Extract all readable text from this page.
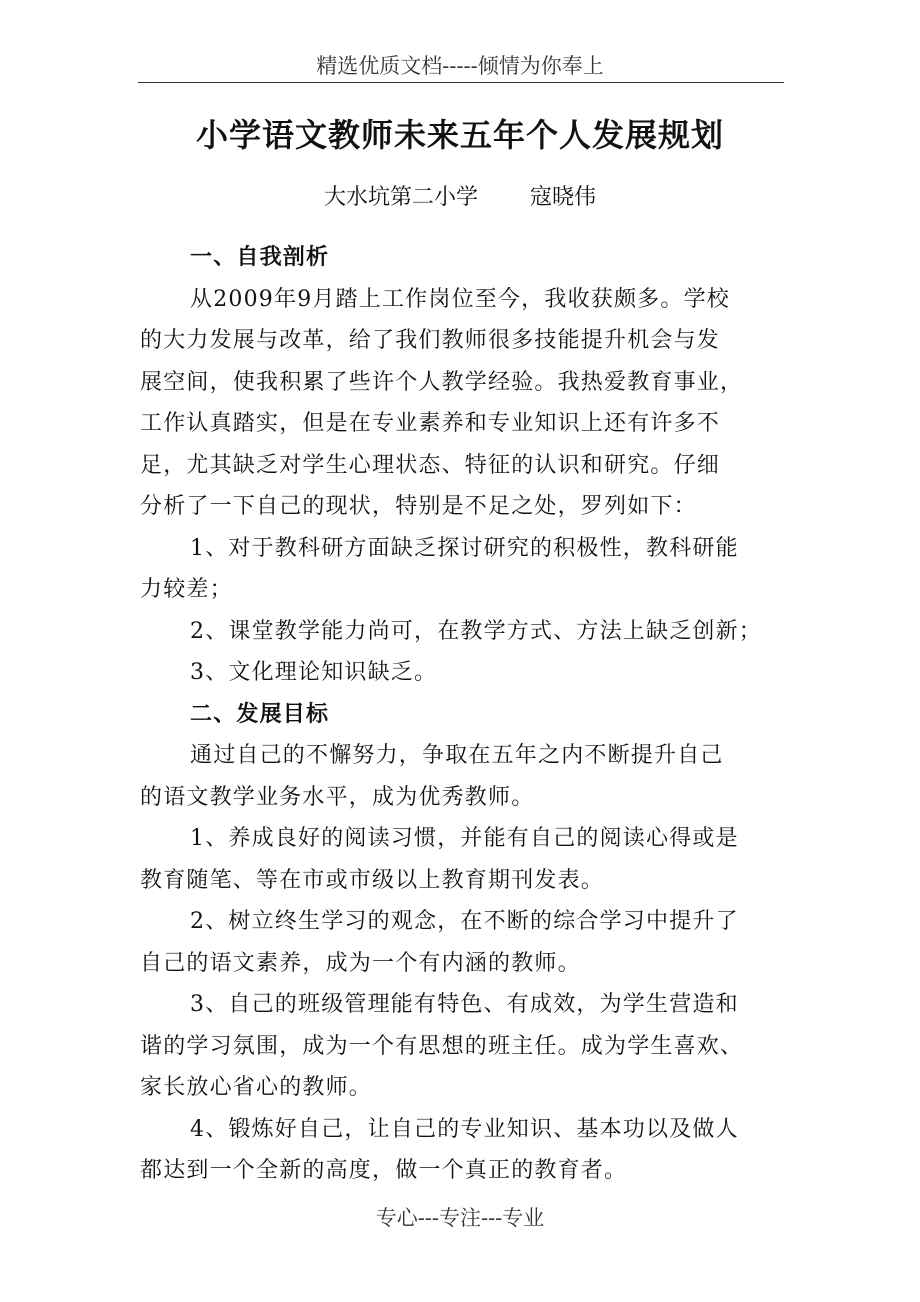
精选优质文档-----倾情为你奉上
小学语文教师未来五年个人发展规划
大水坑第二小学 寇晓伟
一、自我剖析
从2009年9月踏上工作岗位至今，我收获颇多。学校
的大力发展与改革，给了我们教师很多技能提升机会与发
展空间，使我积累了些许个人教学经验。我热爱教育事业，
工作认真踏实，但是在专业素养和专业知识上还有许多不
足，尤其缺乏对学生心理状态、特征的认识和研究。仔细
分析了一下自己的现状，特别是不足之处，罗列如下：
1、对于教科研方面缺乏探讨研究的积极性，教科研能
力较差；
2、课堂教学能力尚可，在教学方式、方法上缺乏创新；
3、文化理论知识缺乏。
二、发展目标
通过自己的不懈努力，争取在五年之内不断提升自己
的语文教学业务水平，成为优秀教师。
1、养成良好的阅读习惯，并能有自己的阅读心得或是
教育随笔、等在市或市级以上教育期刊发表。
2、树立终生学习的观念，在不断的综合学习中提升了
自己的语文素养，成为一个有内涵的教师。
3、自己的班级管理能有特色、有成效，为学生营造和
谐的学习氛围，成为一个有思想的班主任。成为学生喜欢、
家长放心省心的教师。
4、锻炼好自己，让自己的专业知识、基本功以及做人
都达到一个全新的高度，做一个真正的教育者。
专心---专注---专业
